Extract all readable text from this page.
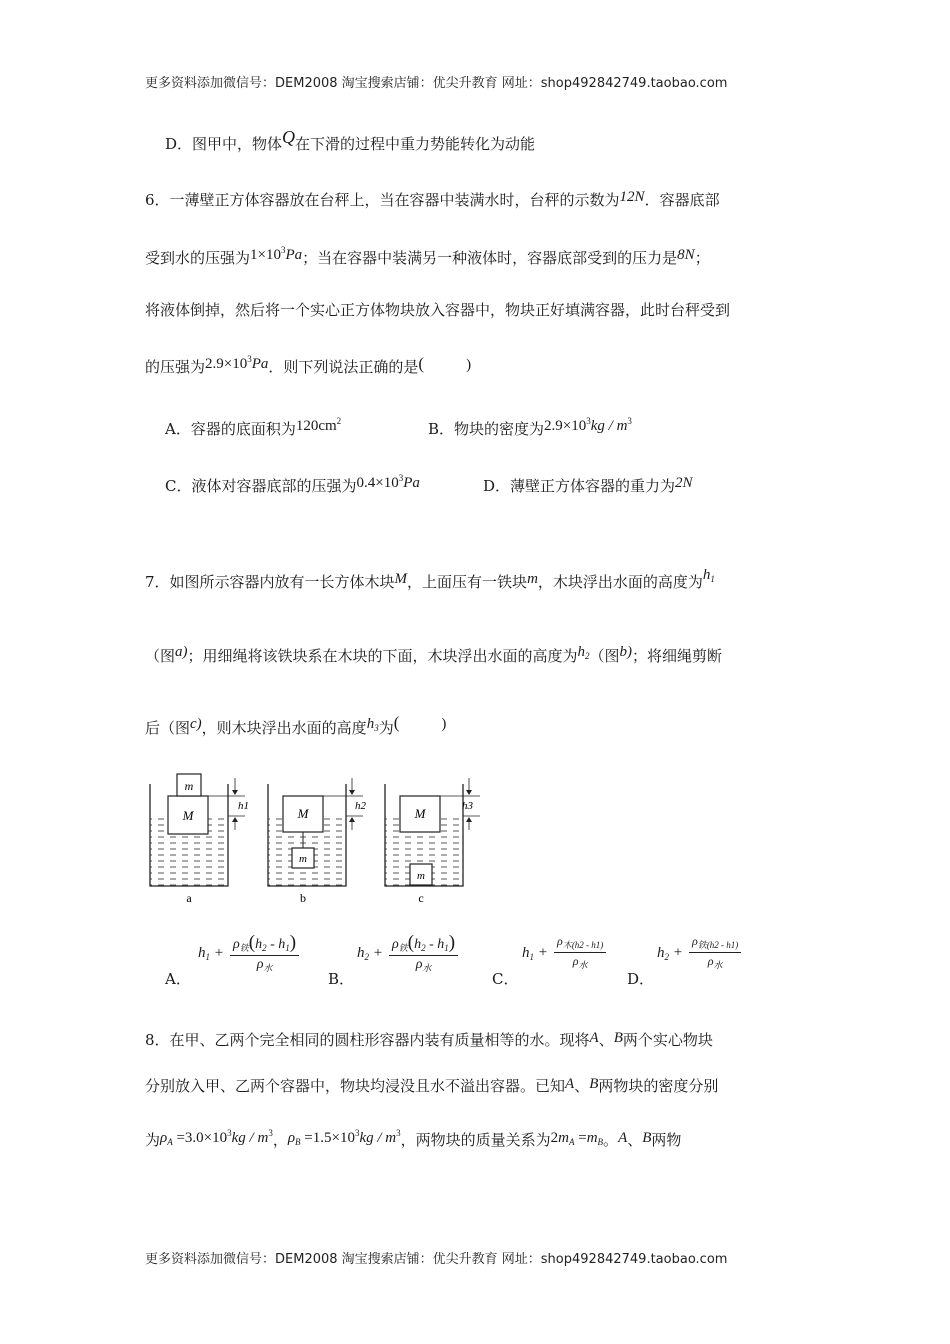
更多资料添加微信号：DEM2008 淘宝搜索店铺：优尖升教育 网址：shop492842749.taobao.com
D．图甲中，物体Q在下滑的过程中重力势能转化为动能
6．一薄壁正方体容器放在台秤上，当在容器中装满水时，台秤的示数为12N．容器底部
受到水的压强为$1\times 10^3Pa$；当在容器中装满另一种液体时，容器底部受到的压力是8N；
将液体倒掉，然后将一个实心正方体物块放入容器中，物块正好填满容器，此时台秤受到
的压强为$2.9\times 10^3Pa$．则下列说法正确的是(	)
A．容器的底面积为$120cm^2$	B．物块的密度为$2.9\times 10^3kg / m^3$
C．液体对容器底部的压强为$0.4\times 10^3Pa$	D．薄壁正方体容器的重力为2N
7．如图所示容器内放有一长方体木块M，上面压有一铁块m，木块浮出水面的高度为$h_1$
（图a)；用细绳将该铁块系在木块的下面，木块浮出水面的高度为$h_2$（图b)；将细绳剪断
后（图c)，则木块浮出水面的高度$h_3$为(	)
M
m
h1
a
M
m
h2
b
M
m
h3
c
A．
$h_1 + \frac{\rho_铁(h_2 - h_1)}{\rho_水}$
B．
$h_2 + \frac{\rho_铁(h_2 - h_1)}{\rho_水}$
C．
$h_1 + \frac{\rho_{木(h2 - h1)}}{\rho_水}$
D．
$h_2 + \frac{\rho_{铁(h2 - h1)}}{\rho_水}$
8．在甲、乙两个完全相同的圆柱形容器内装有质量相等的水。现将A、B两个实心物块
分别放入甲、乙两个容器中，物块均浸没且水不溢出容器。已知A、B两物块的密度分别
为$\rho_A =3.0\times 10^3kg / m^3$，$\rho_B =1.5\times 10^3kg / m^3$，两物块的质量关系为$2m_A =m_B$。A、B两物
更多资料添加微信号：DEM2008 淘宝搜索店铺：优尖升教育 网址：shop492842749.taobao.com
